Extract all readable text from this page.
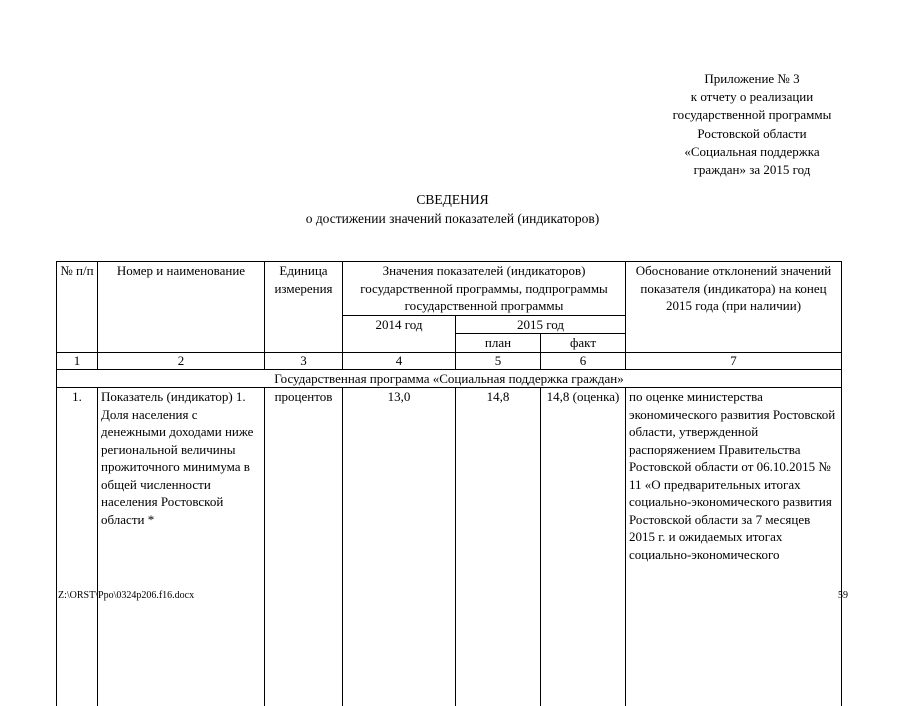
Приложение № 3
к отчету о реализации
государственной программы
Ростовской области
«Социальная поддержка
граждан» за 2015 год
СВЕДЕНИЯ
о достижении значений показателей (индикаторов)
№ п/п	Номер и наименование	Единица измерения	Значения показателей (индикаторов) государственной программы, подпрограммы государственной программы			Обоснование отклонений значений показателя (индикатора) на конец 2015 года (при наличии)
			2014 год	2015 год		
				план	факт	
1	2	3	4	5	6	7
Государственная программа «Социальная поддержка граждан»						
1.	Показатель (индикатор) 1. Доля населения с денежными доходами ниже региональной величины прожиточного минимума в общей численности населения Ростовской области *	процентов	13,0	14,8	14,8 (оценка)	по оценке министерства экономического развития Ростовской области, утвержденной распоряжением Правительства Ростовской области от 06.10.2015 № 11 «О предварительных итогах социально-экономического развития Ростовской области за 7 месяцев 2015 г. и ожидаемых итогах социально-экономического
Z:\ORST\Ppo\0324p206.f16.docx	59
